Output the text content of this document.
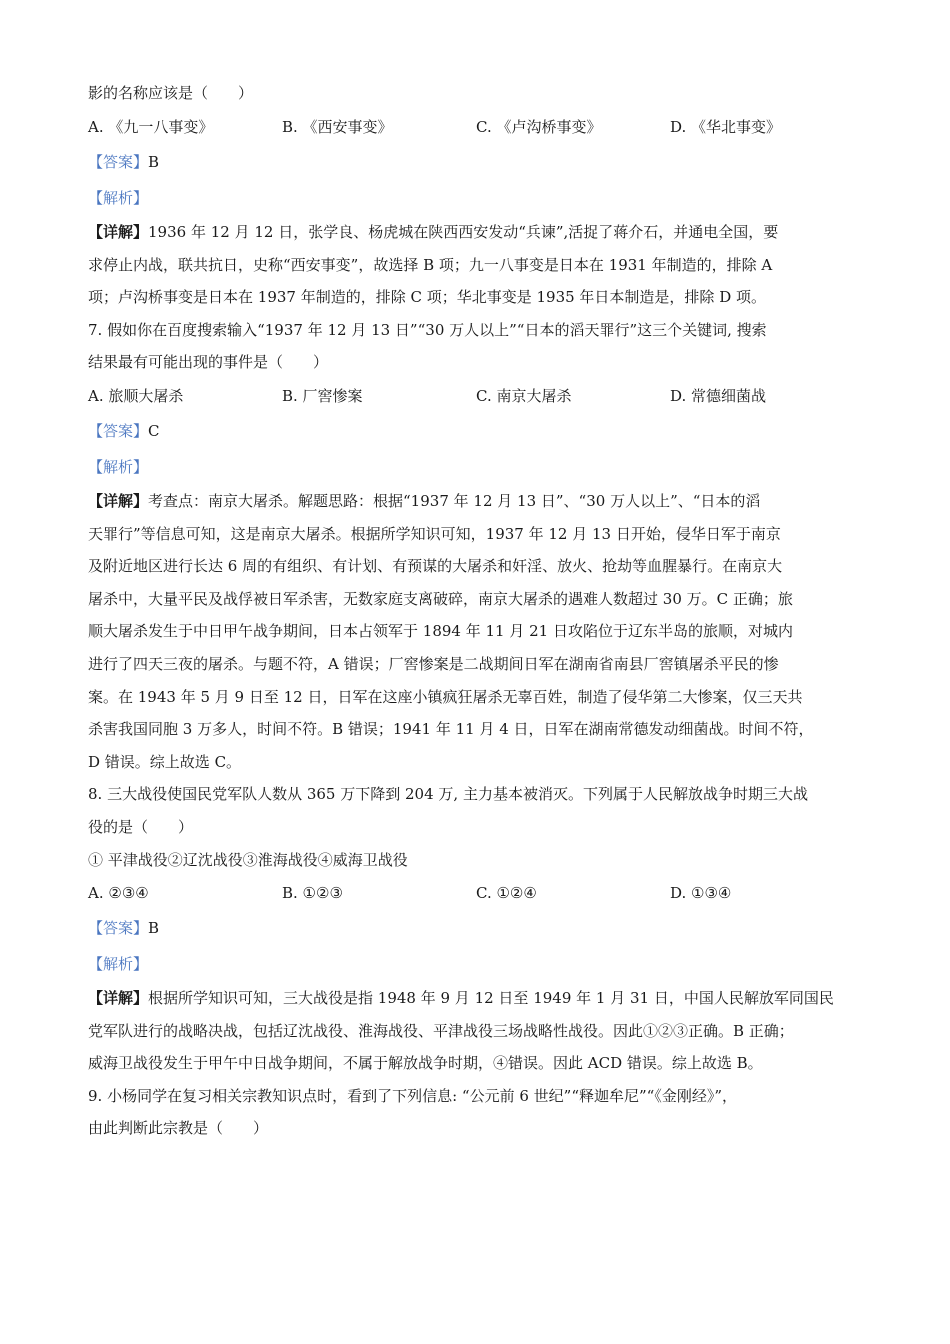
影的名称应该是（　　）
A. 《九一八事变》	B. 《西安事变》	C. 《卢沟桥事变》	D. 《华北事变》
【答案】B
【解析】
【详解】1936 年 12 月 12 日，张学良、杨虎城在陕西西安发动“兵谏”,活捉了蒋介石，并通电全国，要
求停止内战，联共抗日，史称“西安事变”，故选择 B 项；九一八事变是日本在 1931 年制造的，排除 A
项；卢沟桥事变是日本在 1937 年制造的，排除 C 项；华北事变是 1935 年日本制造是，排除 D 项。
7. 假如你在百度搜索输入“1937 年 12 月 13 日”“30 万人以上”“日本的滔天罪行”这三个关键词, 搜索
结果最有可能出现的事件是（　　）
A. 旅顺大屠杀	B. 厂窖惨案	C. 南京大屠杀	D. 常德细菌战
【答案】C
【解析】
【详解】考查点：南京大屠杀。解题思路：根据“1937 年 12 月 13 日”、“30 万人以上”、“日本的滔
天罪行”等信息可知，这是南京大屠杀。根据所学知识可知，1937 年 12 月 13 日开始，侵华日军于南京
及附近地区进行长达 6 周的有组织、有计划、有预谋的大屠杀和奸淫、放火、抢劫等血腥暴行。在南京大
屠杀中，大量平民及战俘被日军杀害，无数家庭支离破碎，南京大屠杀的遇难人数超过 30 万。C 正确；旅
顺大屠杀发生于中日甲午战争期间，日本占领军于 1894 年 11 月 21 日攻陷位于辽东半岛的旅顺，对城内
进行了四天三夜的屠杀。与题不符，A 错误；厂窖惨案是二战期间日军在湖南省南县厂窖镇屠杀平民的惨
案。在 1943 年 5 月 9 日至 12 日，日军在这座小镇疯狂屠杀无辜百姓，制造了侵华第二大惨案，仅三天共
杀害我国同胞 3 万多人，时间不符。B 错误；1941 年 11 月 4 日，日军在湖南常德发动细菌战。时间不符，
D 错误。综上故选 C。
8. 三大战役使国民党军队人数从 365 万下降到 204 万, 主力基本被消灭。下列属于人民解放战争时期三大战
役的是（　　）
① 平津战役②辽沈战役③淮海战役④威海卫战役
A. ②③④	B. ①②③	C. ①②④	D. ①③④
【答案】B
【解析】
【详解】根据所学知识可知，三大战役是指 1948 年 9 月 12 日至 1949 年 1 月 31 日，中国人民解放军同国民
党军队进行的战略决战，包括辽沈战役、淮海战役、平津战役三场战略性战役。因此①②③正确。B 正确；
威海卫战役发生于甲午中日战争期间，不属于解放战争时期，④错误。因此 ACD 错误。综上故选 B。
9. 小杨同学在复习相关宗教知识点时，看到了下列信息: “公元前 6 世纪”“释迦牟尼”“《金刚经》”，
由此判断此宗教是（　　）
